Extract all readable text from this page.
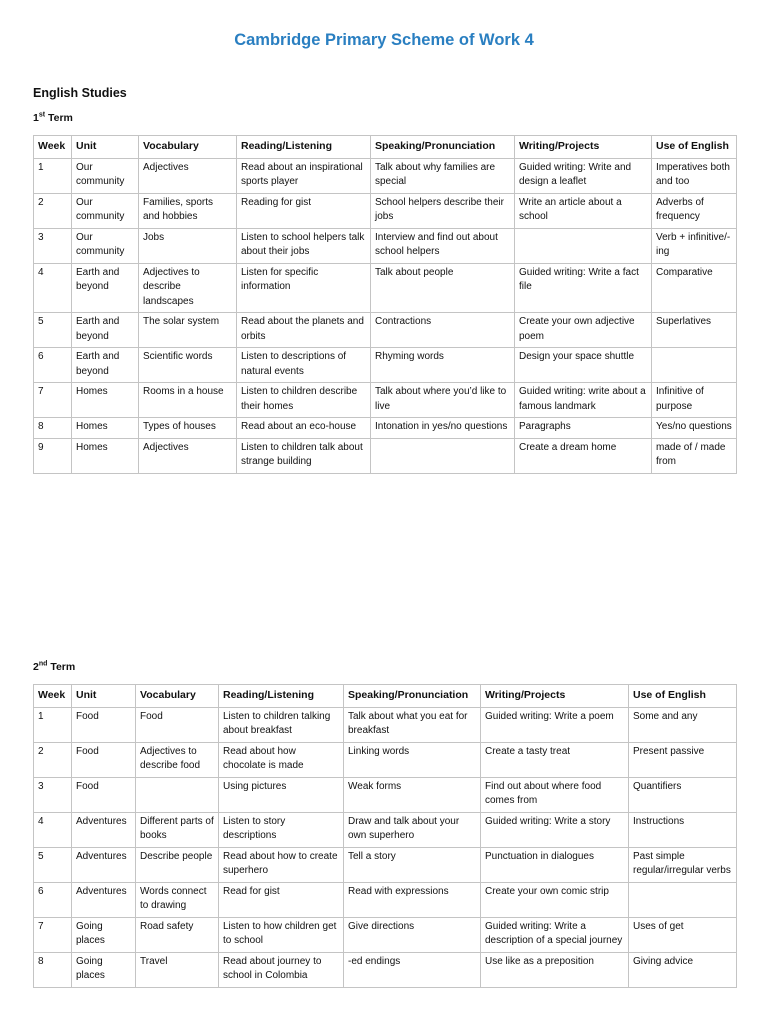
Cambridge Primary Scheme of Work 4
English Studies
1st Term
Week	Unit	Vocabulary	Reading/Listening	Speaking/Pronunciation	Writing/Projects	Use of English
1	Our community	Adjectives	Read about an inspirational sports player	Talk about why families are special	Guided writing: Write and design a leaflet	Imperatives both and too
2	Our community	Families, sports and hobbies	Reading for gist	School helpers describe their jobs	Write an article about a school	Adverbs of frequency
3	Our community	Jobs	Listen to school helpers talk about their jobs	Interview and find out about school helpers		Verb + infinitive/-ing
4	Earth and beyond	Adjectives to describe landscapes	Listen for specific information	Talk about people	Guided writing: Write a fact file	Comparative
5	Earth and beyond	The solar system	Read about the planets and orbits	Contractions	Create your own adjective poem	Superlatives
6	Earth and beyond	Scientific words	Listen to descriptions of natural events	Rhyming words	Design your space shuttle	
7	Homes	Rooms in a house	Listen to children describe their homes	Talk about where you’d like to live	Guided writing: write about a famous landmark	Infinitive of purpose
8	Homes	Types of houses	Read about an eco-house	Intonation in yes/no questions	Paragraphs	Yes/no questions
9	Homes	Adjectives	Listen to children talk about strange building		Create a dream home	made of / made from
2nd Term
Week	Unit	Vocabulary	Reading/Listening	Speaking/Pronunciation	Writing/Projects	Use of English
1	Food	Food	Listen to children talking about breakfast	Talk about what you eat for breakfast	Guided writing: Write a poem	Some and any
2	Food	Adjectives to describe food	Read about how chocolate is made	Linking words	Create a tasty treat	Present passive
3	Food		Using pictures	Weak forms	Find out about where food comes from	Quantifiers
4	Adventures	Different parts of books	Listen to story descriptions	Draw and talk about your own superhero	Guided writing: Write a story	Instructions
5	Adventures	Describe people	Read about how to create superhero	Tell a story	Punctuation in dialogues	Past simple regular/irregular verbs
6	Adventures	Words connect to drawing	Read for gist	Read with expressions	Create your own comic strip	
7	Going places	Road safety	Listen to how children get to school	Give directions	Guided writing: Write a description of a special journey	Uses of get
8	Going places	Travel	Read about journey to school in Colombia	-ed endings	Use like as a preposition	Giving advice
